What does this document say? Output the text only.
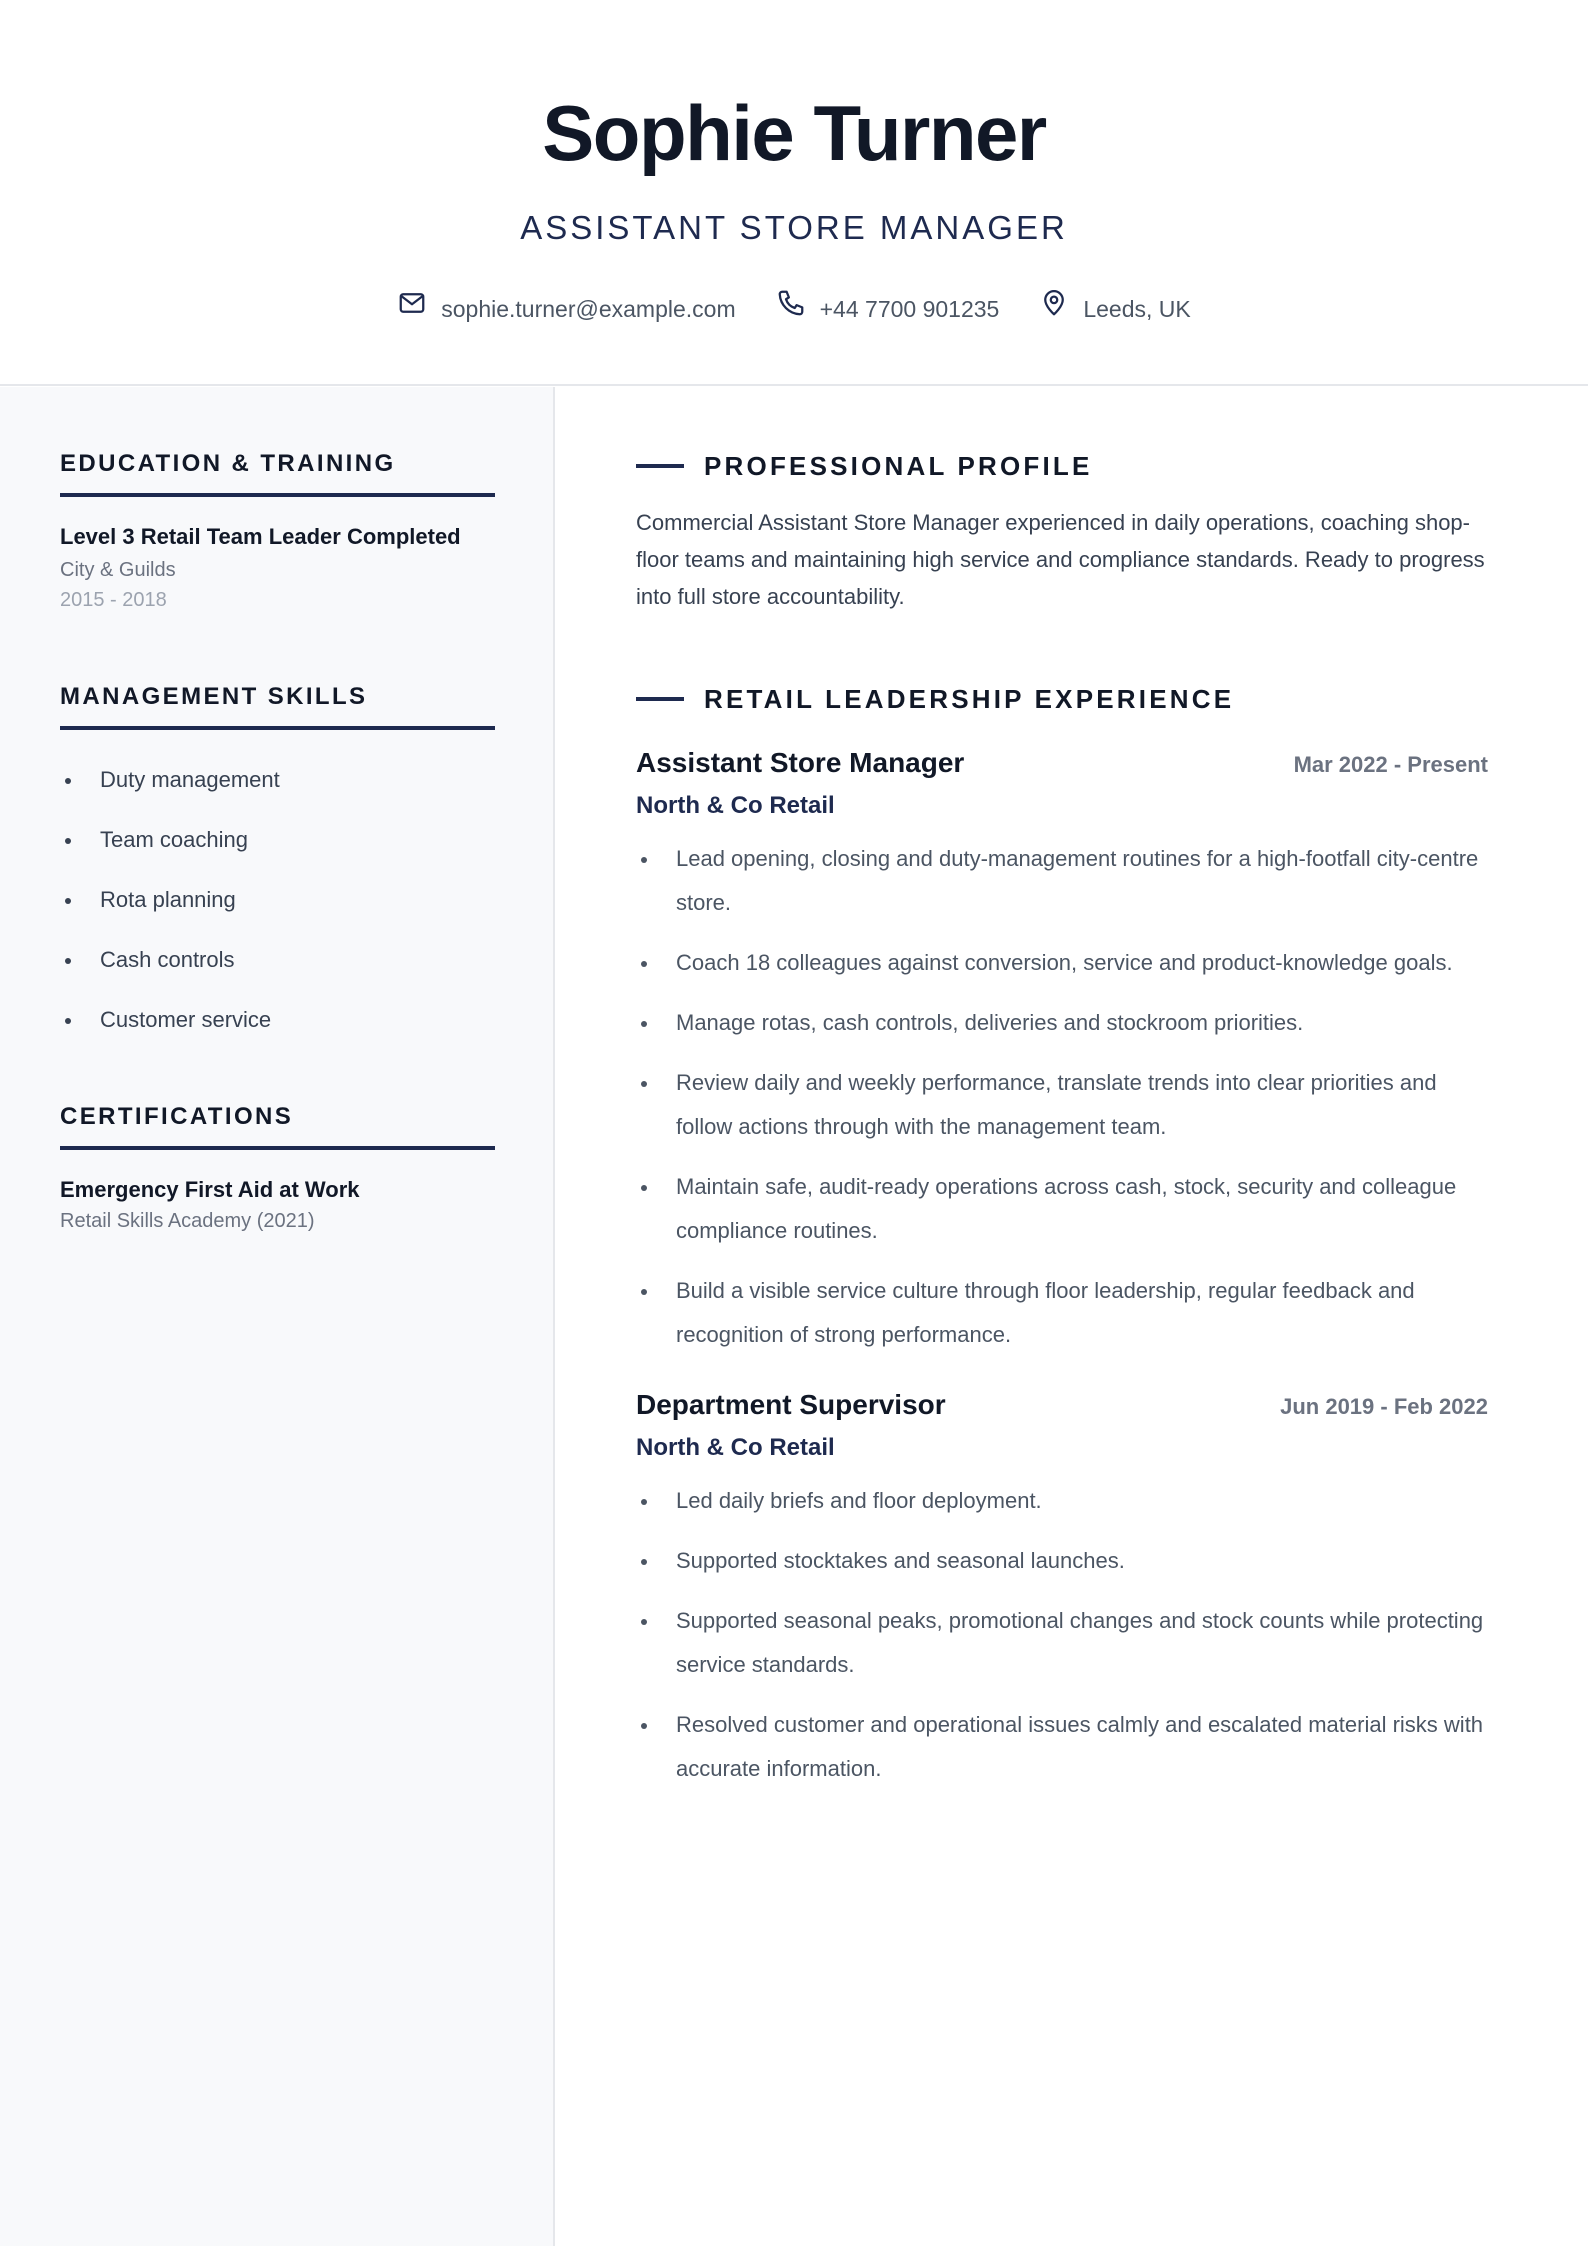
Sophie Turner
ASSISTANT STORE MANAGER
sophie.turner@example.com	+44 7700 901235	Leeds, UK
EDUCATION & TRAINING
Level 3 Retail Team Leader Completed
City & Guilds
2015 - 2018
MANAGEMENT SKILLS
Duty management
Team coaching
Rota planning
Cash controls
Customer service
CERTIFICATIONS
Emergency First Aid at Work
Retail Skills Academy (2021)
PROFESSIONAL PROFILE

Commercial Assistant Store Manager experienced in daily operations, coaching shop-floor teams and maintaining high service and compliance standards. Ready to progress into full store accountability.

RETAIL LEADERSHIP EXPERIENCE
Assistant Store Manager	Mar 2022 - Present
North & Co Retail
Lead opening, closing and duty-management routines for a high-footfall city-centre store.
Coach 18 colleagues against conversion, service and product-knowledge goals.
Manage rotas, cash controls, deliveries and stockroom priorities.
Review daily and weekly performance, translate trends into clear priorities and follow actions through with the management team.
Maintain safe, audit-ready operations across cash, stock, security and colleague compliance routines.
Build a visible service culture through floor leadership, regular feedback and recognition of strong performance.
Department Supervisor	Jun 2019 - Feb 2022
North & Co Retail
Led daily briefs and floor deployment.
Supported stocktakes and seasonal launches.
Supported seasonal peaks, promotional changes and stock counts while protecting service standards.
Resolved customer and operational issues calmly and escalated material risks with accurate information.
